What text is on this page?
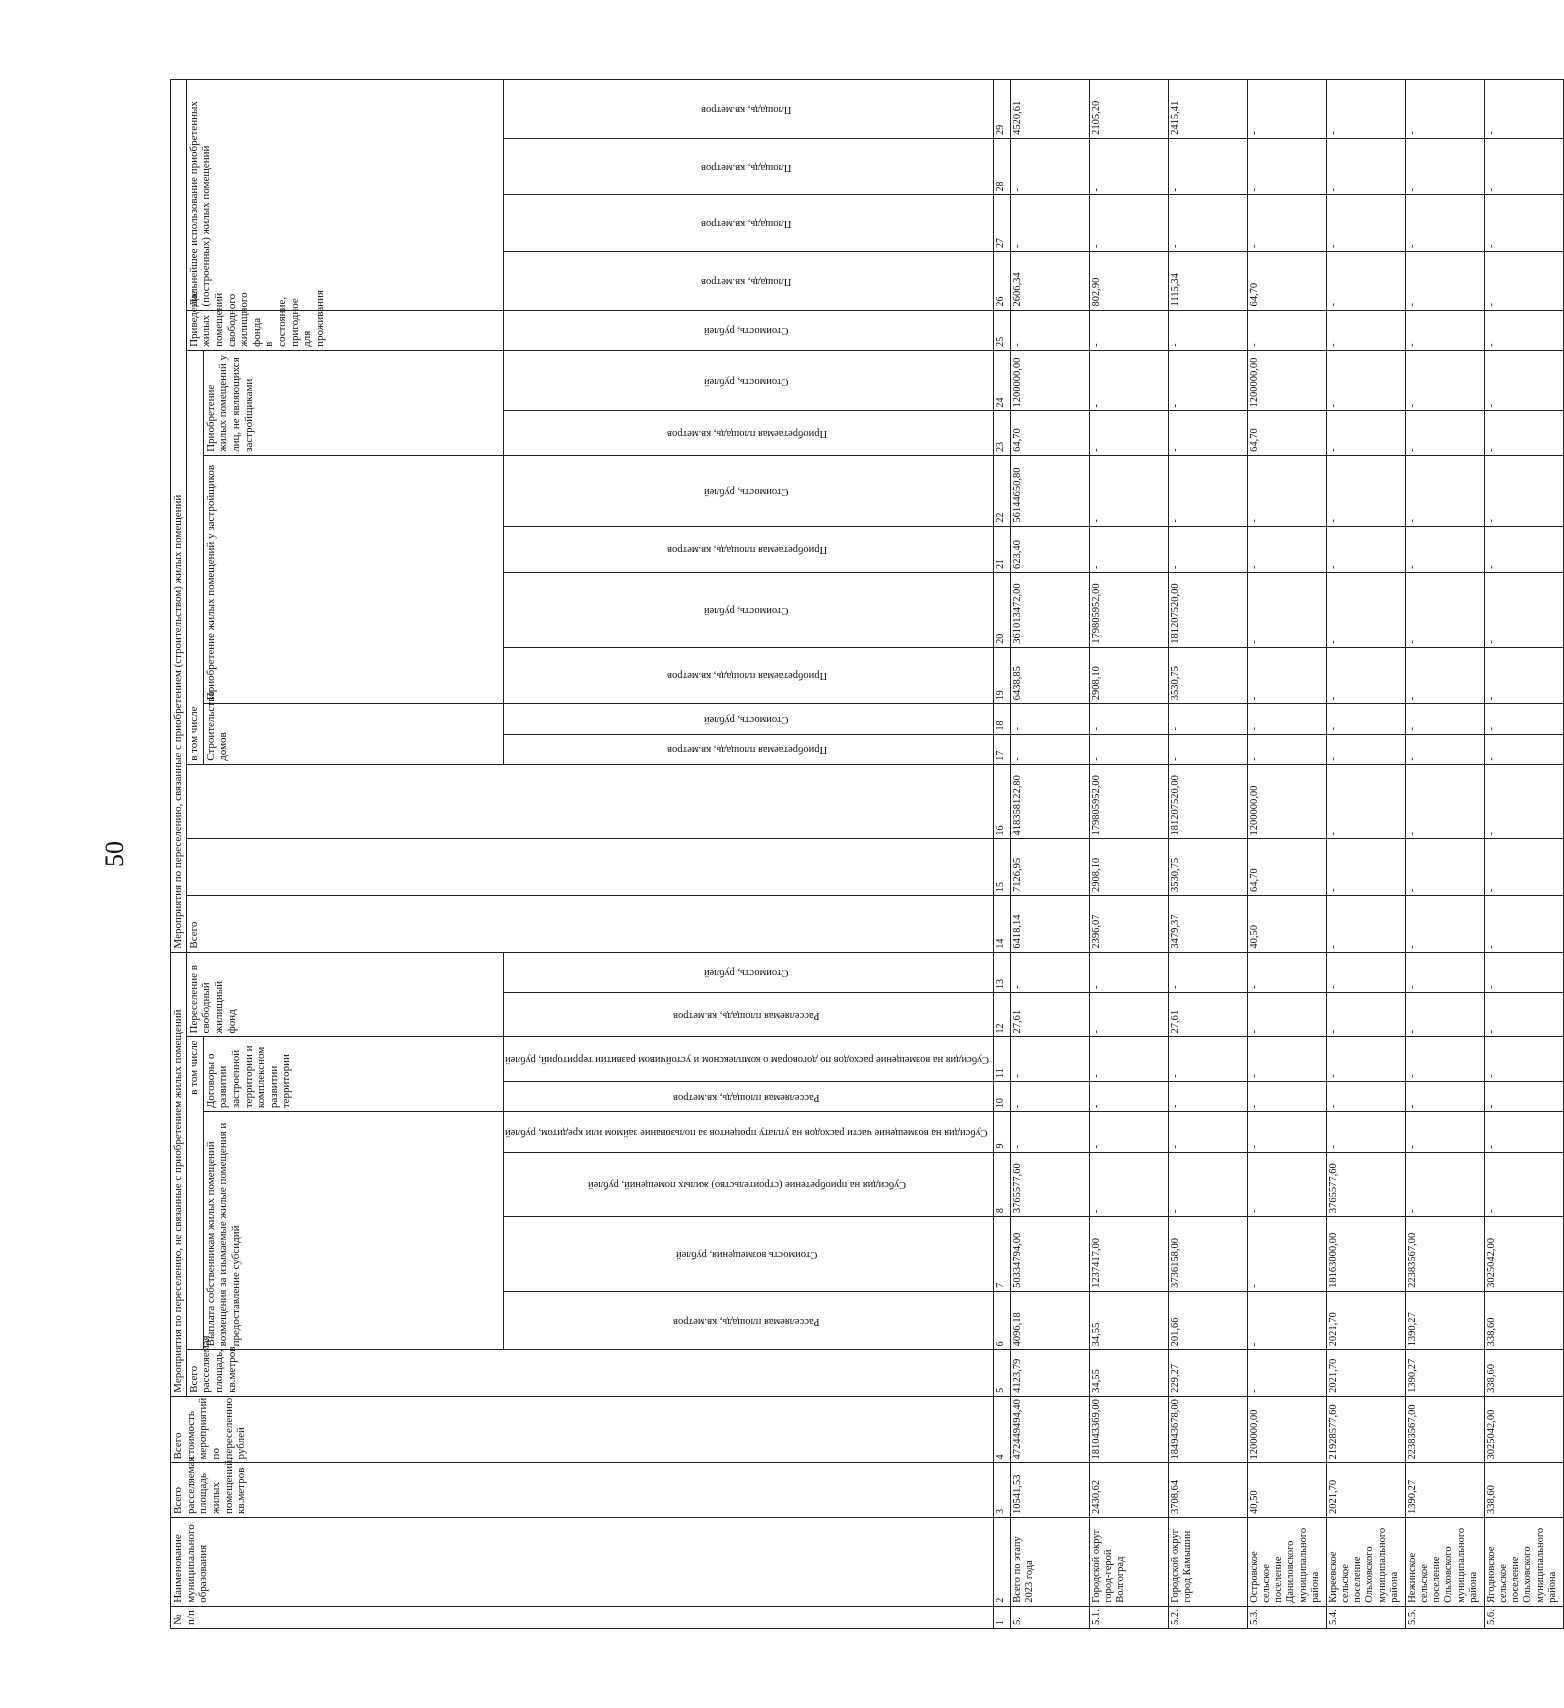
50
№ п/п	Наименование муниципального образования	Всего расселяемая площадь жилых помещений, кв.метров	Всего стоимость мероприятий по переселению, рублей	Мероприятия по переселению, не связанные с приобретением жилых помещений									Мероприятия по переселению, связанные с приобретением (строительством) жилых помещений															
				Всего расселяемая площадь, кв.метров	в том числе						Переселение в свободный жилищный фонд		Всего			в том числе								Приведение жилых помещений свободного жилищного фонда в состояние, пригодное для проживания	Дальнейшее использование приобретенных (построенных) жилых помещений			
					Выплата собственникам жилых помещений возмещения за изымаемые жилые помещения и предоставление субсидий				Договоры о развитии застроенной территории и комплексном развитии территории							Строительство домов		Приобретение жилых помещений у застройщиков				Приобретение жилых помещений у лиц, не являющихся застройщиками						
					Расселяемая площадь, кв.метров	Стоимость возмещения, рублей	Субсидия на приобретение (строительство) жилых помещений, рублей	Субсидия на возмещение части расходов на уплату процентов за пользование займом или кредитом, рублей	Расселяемая площадь, кв.метров	Субсидия на возмещение расходов по договорам о комплексном и устойчивом развитии территорий, рублей	Расселяемая площадь, кв.метров	Стоимость, рублей				Приобретаемая площадь, кв.метров	Стоимость, рублей	Приобретаемая площадь, кв.метров	Стоимость, рублей	Приобретаемая площадь, кв.метров	Стоимость, рублей	Приобретаемая площадь, кв.метров	Стоимость, рублей	Стоимость, рублей	Площадь, кв.метров	Площадь, кв.метров	Площадь, кв.метров	Площадь, кв.метров
1	2	3	4	5	6	7	8	9	10	11	12	13	14	15	16	17	18	19	20	21	22	23	24	25	26	27	28	29
5.	Всего по этапу 2023 года	10541,53	472449494,40	4123,79	4096,18	50334794,00	3765577,60	-	-	-	27,61	-	6418,14	7126,95	418358122,80	-	-	6438,85	361013472,00	623,40	56144650,80	64,70	1200000,00	-	2606,34	-	-	4520,61
5.1.	Городской округ город-герой Волгоград	2430,62	181043369,00	34,55	34,55	1237417,00	-	-	-	-	-	-	2396,07	2908,10	179805952,00	-	-	2908,10	179805952,00	-	-	-	-	-	802,90	-	-	2105,20
5.2.	Городской округ город Камышин	3708,64	184943678,00	229,27	201,66	3736158,00	-	-	-	-	27,61	-	3479,37	3530,75	181207520,00	-	-	3530,75	181207520,00	-	-	-	-	-	1115,34	-	-	2415,41
5.3.	Островское сельское поселение Даниловского муниципального района	40,50	1200000,00	-	-	-	-	-	-	-	-	-	40,50	64,70	1200000,00	-	-	-	-	-	-	64,70	1200000,00	-	64,70	-	-	-
5.4.	Киреевское сельское поселение Ольховского муниципального района	2021,70	21928577,60	2021,70	2021,70	18163000,00	3765577,60	-	-	-	-	-	-	-	-	-	-	-	-	-	-	-	-	-	-	-	-	-
5.5.	Нежинское сельское поселение Ольховского муниципального района	1390,27	22383567,00	1390,27	1390,27	22383567,00	-	-	-	-	-	-	-	-	-	-	-	-	-	-	-	-	-	-	-	-	-	-
5.6.	Ягодновское сельское поселение Ольховского муниципального района	338,60	3025042,00	338,60	338,60	3025042,00	-	-	-	-	-	-	-	-	-	-	-	-	-	-	-	-	-	-	-	-	-	-
